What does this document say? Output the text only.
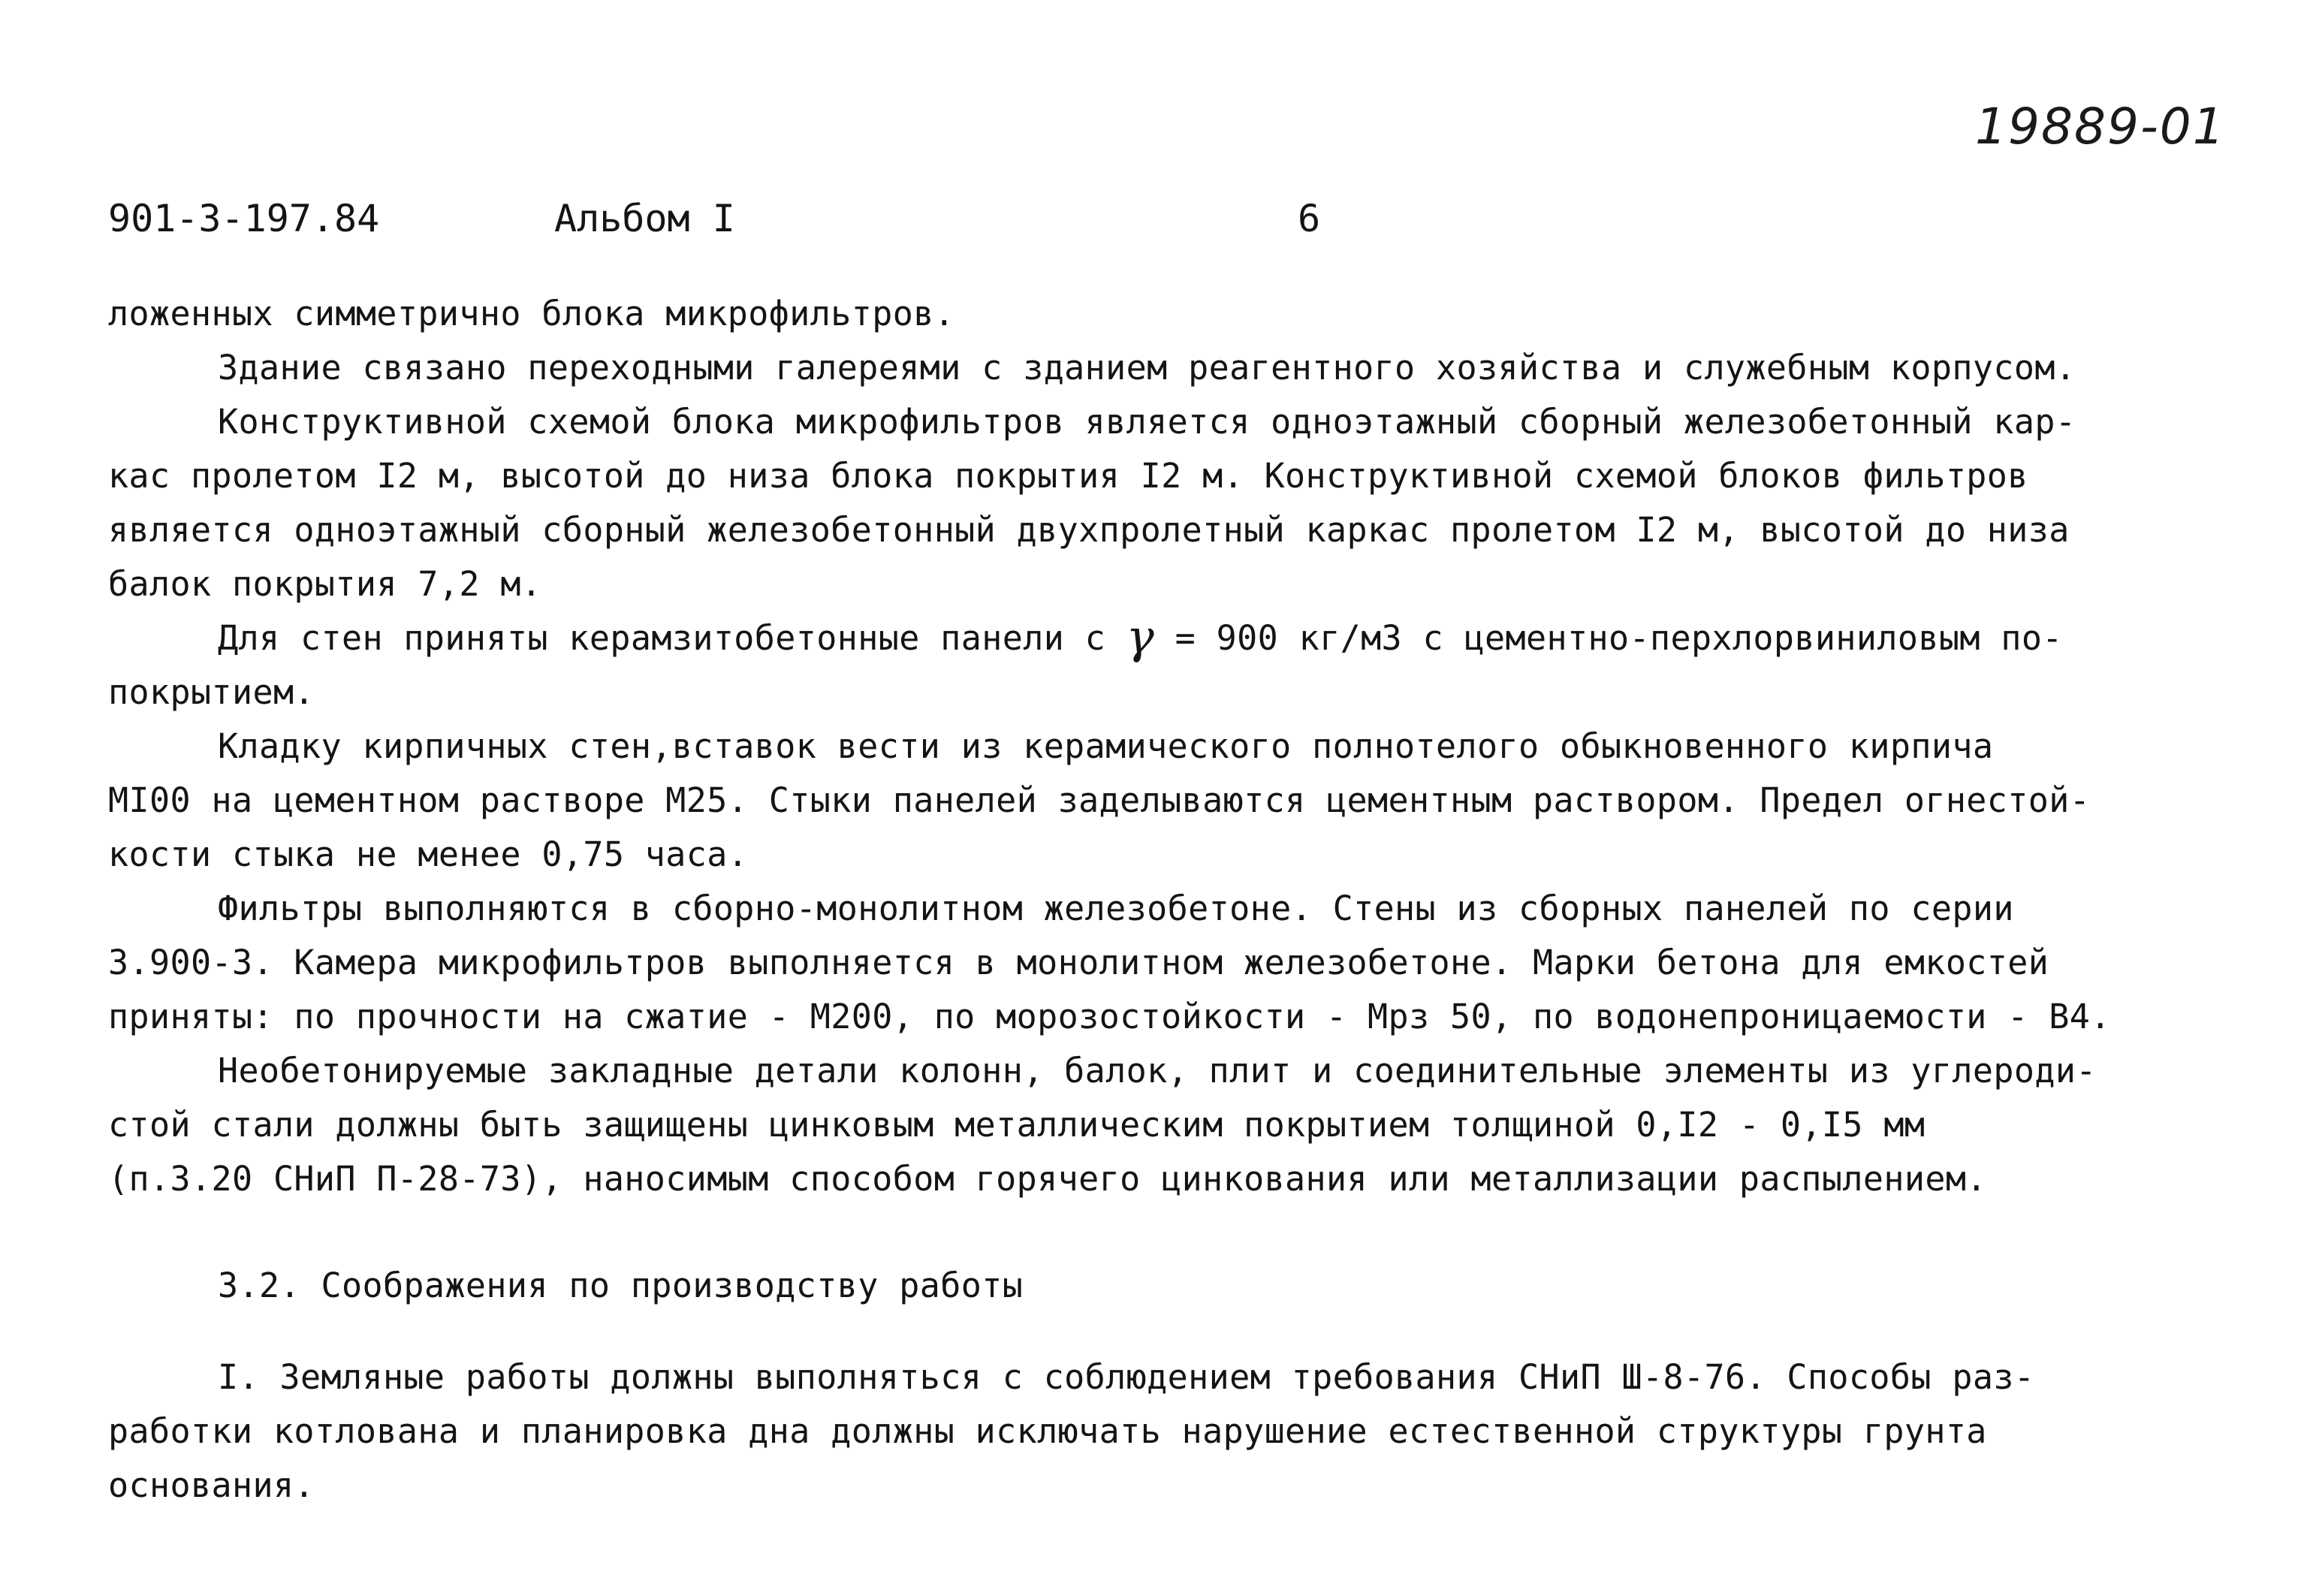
19889-01
901-3-197.84	Альбом I	6
ложенных симметрично блока микрофильтров.
Здание связано переходными галереями с зданием реагентного хозяйства и служебным корпусом.
Конструктивной схемой блока микрофильтров является одноэтажный сборный железобетонный кар-
кас пролетом I2 м, высотой до низа блока покрытия I2 м. Конструктивной схемой блоков фильтров
является одноэтажный сборный железобетонный двухпролетный каркас пролетом I2 м, высотой до низа
балок покрытия 7,2 м.
Для стен приняты керамзитобетонные панели с γ = 900 кг/м3 с цементно-перхлорвиниловым по-
покрытием.
Кладку кирпичных стен,вставок вести из керамического полнотелого обыкновенного кирпича
MI00 на цементном растворе M25. Стыки панелей заделываются цементным раствором. Предел огнестой-
кости стыка не менее 0,75 часа.
Фильтры выполняются в сборно-монолитном железобетоне. Стены из сборных панелей по серии
3.900-3. Камера микрофильтров выполняется в монолитном железобетоне. Марки бетона для емкостей
приняты: по прочности на сжатие - M200, по морозостойкости - Мрз 50, по водонепроницаемости - B4.
Необетонируемые закладные детали колонн, балок, плит и соединительные элементы из углероди-
стой стали должны быть защищены цинковым металлическим покрытием толщиной 0,I2 - 0,I5 мм
(п.3.20 СНиП П-28-73), наносимым способом горячего цинкования или металлизации распылением.
3.2. Соображения по производству работы
I. Земляные работы должны выполняться с соблюдением требования СНиП Ш-8-76. Способы раз-
работки котлована и планировка дна должны исключать нарушение естественной структуры грунта
основания.
